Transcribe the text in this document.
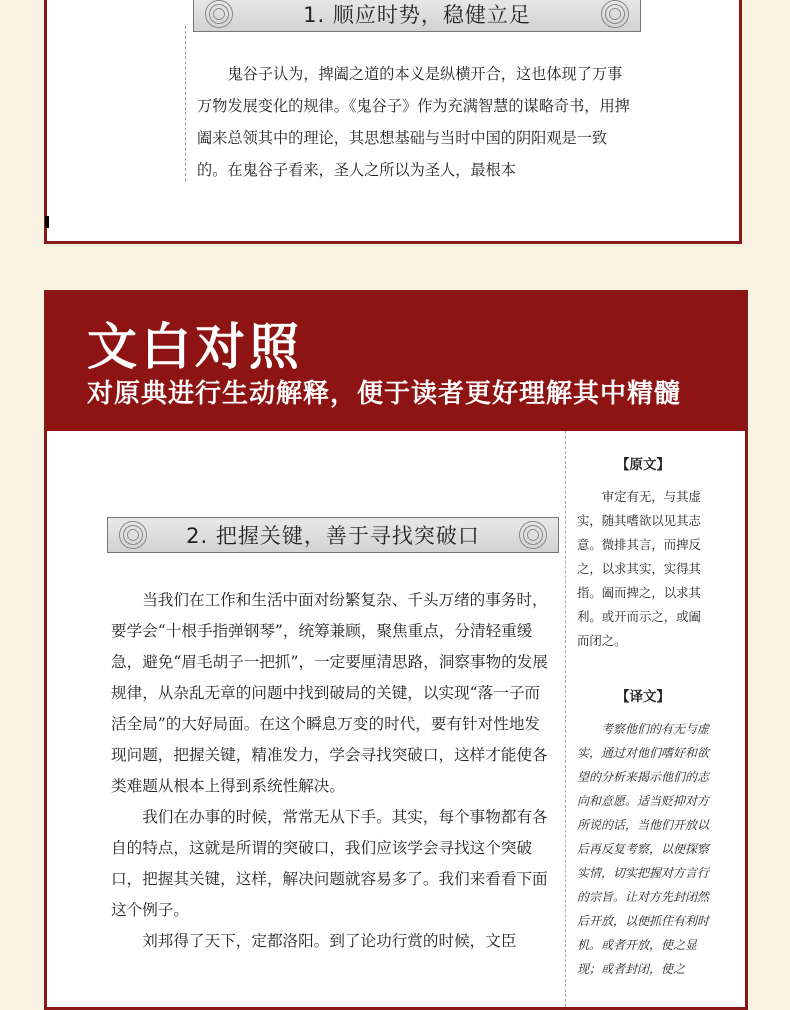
1. 顺应时势，稳健立足

鬼谷子认为，捭阖之道的本义是纵横开合，这也体现了万事万物发展变化的规律。《鬼谷子》作为充满智慧的谋略奇书，用捭阖来总领其中的理论，其思想基础与当时中国的阴阳观是一致的。在鬼谷子看来，圣人之所以为圣人，最根本

文白对照
对原典进行生动解释，便于读者更好理解其中精髓
2. 把握关键，善于寻找突破口

当我们在工作和生活中面对纷繁复杂、千头万绪的事务时，要学会“十根手指弹钢琴”，统筹兼顾，聚焦重点，分清轻重缓急，避免“眉毛胡子一把抓”，一定要厘清思路，洞察事物的发展规律，从杂乱无章的问题中找到破局的关键，以实现“落一子而活全局”的大好局面。在这个瞬息万变的时代，要有针对性地发现问题，把握关键，精准发力，学会寻找突破口，这样才能使各类难题从根本上得到系统性解决。

我们在办事的时候，常常无从下手。其实，每个事物都有各自的特点，这就是所谓的突破口，我们应该学会寻找这个突破口，把握其关键，这样，解决问题就容易多了。我们来看看下面这个例子。

刘邦得了天下，定都洛阳。到了论功行赏的时候，文臣

【原文】

审定有无，与其虚实，随其嗜欲以见其志意。微排其言，而捭反之，以求其实，实得其指。阖而捭之，以求其利。或开而示之，或阖而闭之。

【译文】

考察他们的有无与虚实，通过对他们嗜好和欲望的分析来揭示他们的志向和意愿。适当贬抑对方所说的话，当他们开放以后再反复考察，以便探察实情，切实把握对方言行的宗旨。让对方先封闭然后开放，以便抓住有利时机。或者开放，使之显现；或者封闭，使之
